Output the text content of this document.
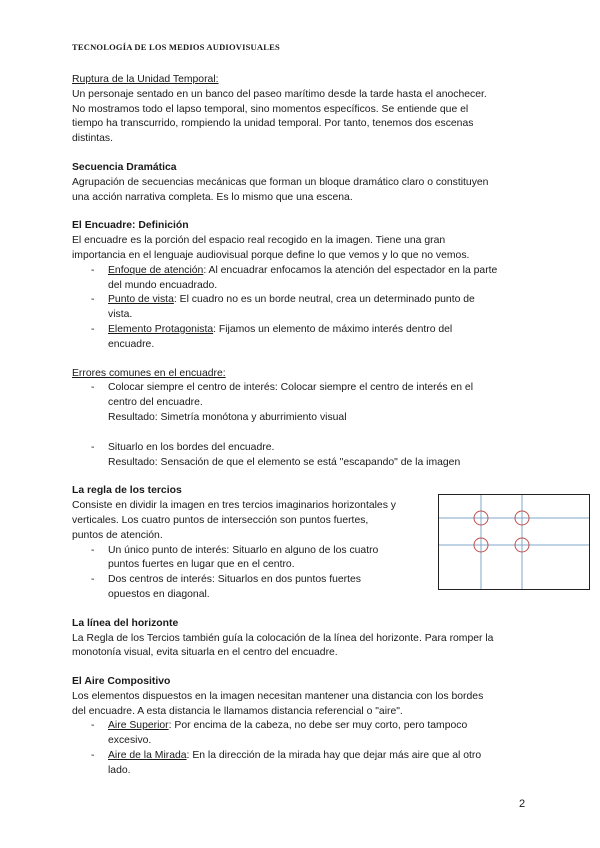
TECNOLOGÍA DE LOS MEDIOS AUDIOVISUALES

Ruptura de la Unidad Temporal:

Un personaje sentado en un banco del paseo marítimo desde la tarde hasta el anochecer.

No mostramos todo el lapso temporal, sino momentos específicos. Se entiende que el

tiempo ha transcurrido, rompiendo la unidad temporal. Por tanto, tenemos dos escenas

distintas.

Secuencia Dramática

Agrupación de secuencias mecánicas que forman un bloque dramático claro o constituyen

una acción narrativa completa. Es lo mismo que una escena.

El Encuadre: Definición

El encuadre es la porción del espacio real recogido en la imagen. Tiene una gran

importancia en el lenguaje audiovisual porque define lo que vemos y lo que no vemos.

- Enfoque de atención: Al encuadrar enfocamos la atención del espectador en la parte
del mundo encuadrado.
- Punto de vista: El cuadro no es un borde neutral, crea un determinado punto de
vista.
- Elemento Protagonista: Fijamos un elemento de máximo interés dentro del
encuadre.

Errores comunes en el encuadre:

- Colocar siempre el centro de interés: Colocar siempre el centro de interés en el
centro del encuadre.
Resultado: Simetría monótona y aburrimiento visual
- Situarlo en los bordes del encuadre.
Resultado: Sensación de que el elemento se está "escapando" de la imagen

La regla de los tercios

Consiste en dividir la imagen en tres tercios imaginarios horizontales y

verticales. Los cuatro puntos de intersección son puntos fuertes,

puntos de atención.

- Un único punto de interés: Situarlo en alguno de los cuatro
puntos fuertes en lugar que en el centro.
- Dos centros de interés: Situarlos en dos puntos fuertes
opuestos en diagonal.

La línea del horizonte

La Regla de los Tercios también guía la colocación de la línea del horizonte. Para romper la

monotonía visual, evita situarla en el centro del encuadre.

El Aire Compositivo

Los elementos dispuestos en la imagen necesitan mantener una distancia con los bordes

del encuadre. A esta distancia le llamamos distancia referencial o "aire".

- Aire Superior: Por encima de la cabeza, no debe ser muy corto, pero tampoco
excesivo.
- Aire de la Mirada: En la dirección de la mirada hay que dejar más aire que al otro
lado.
2
